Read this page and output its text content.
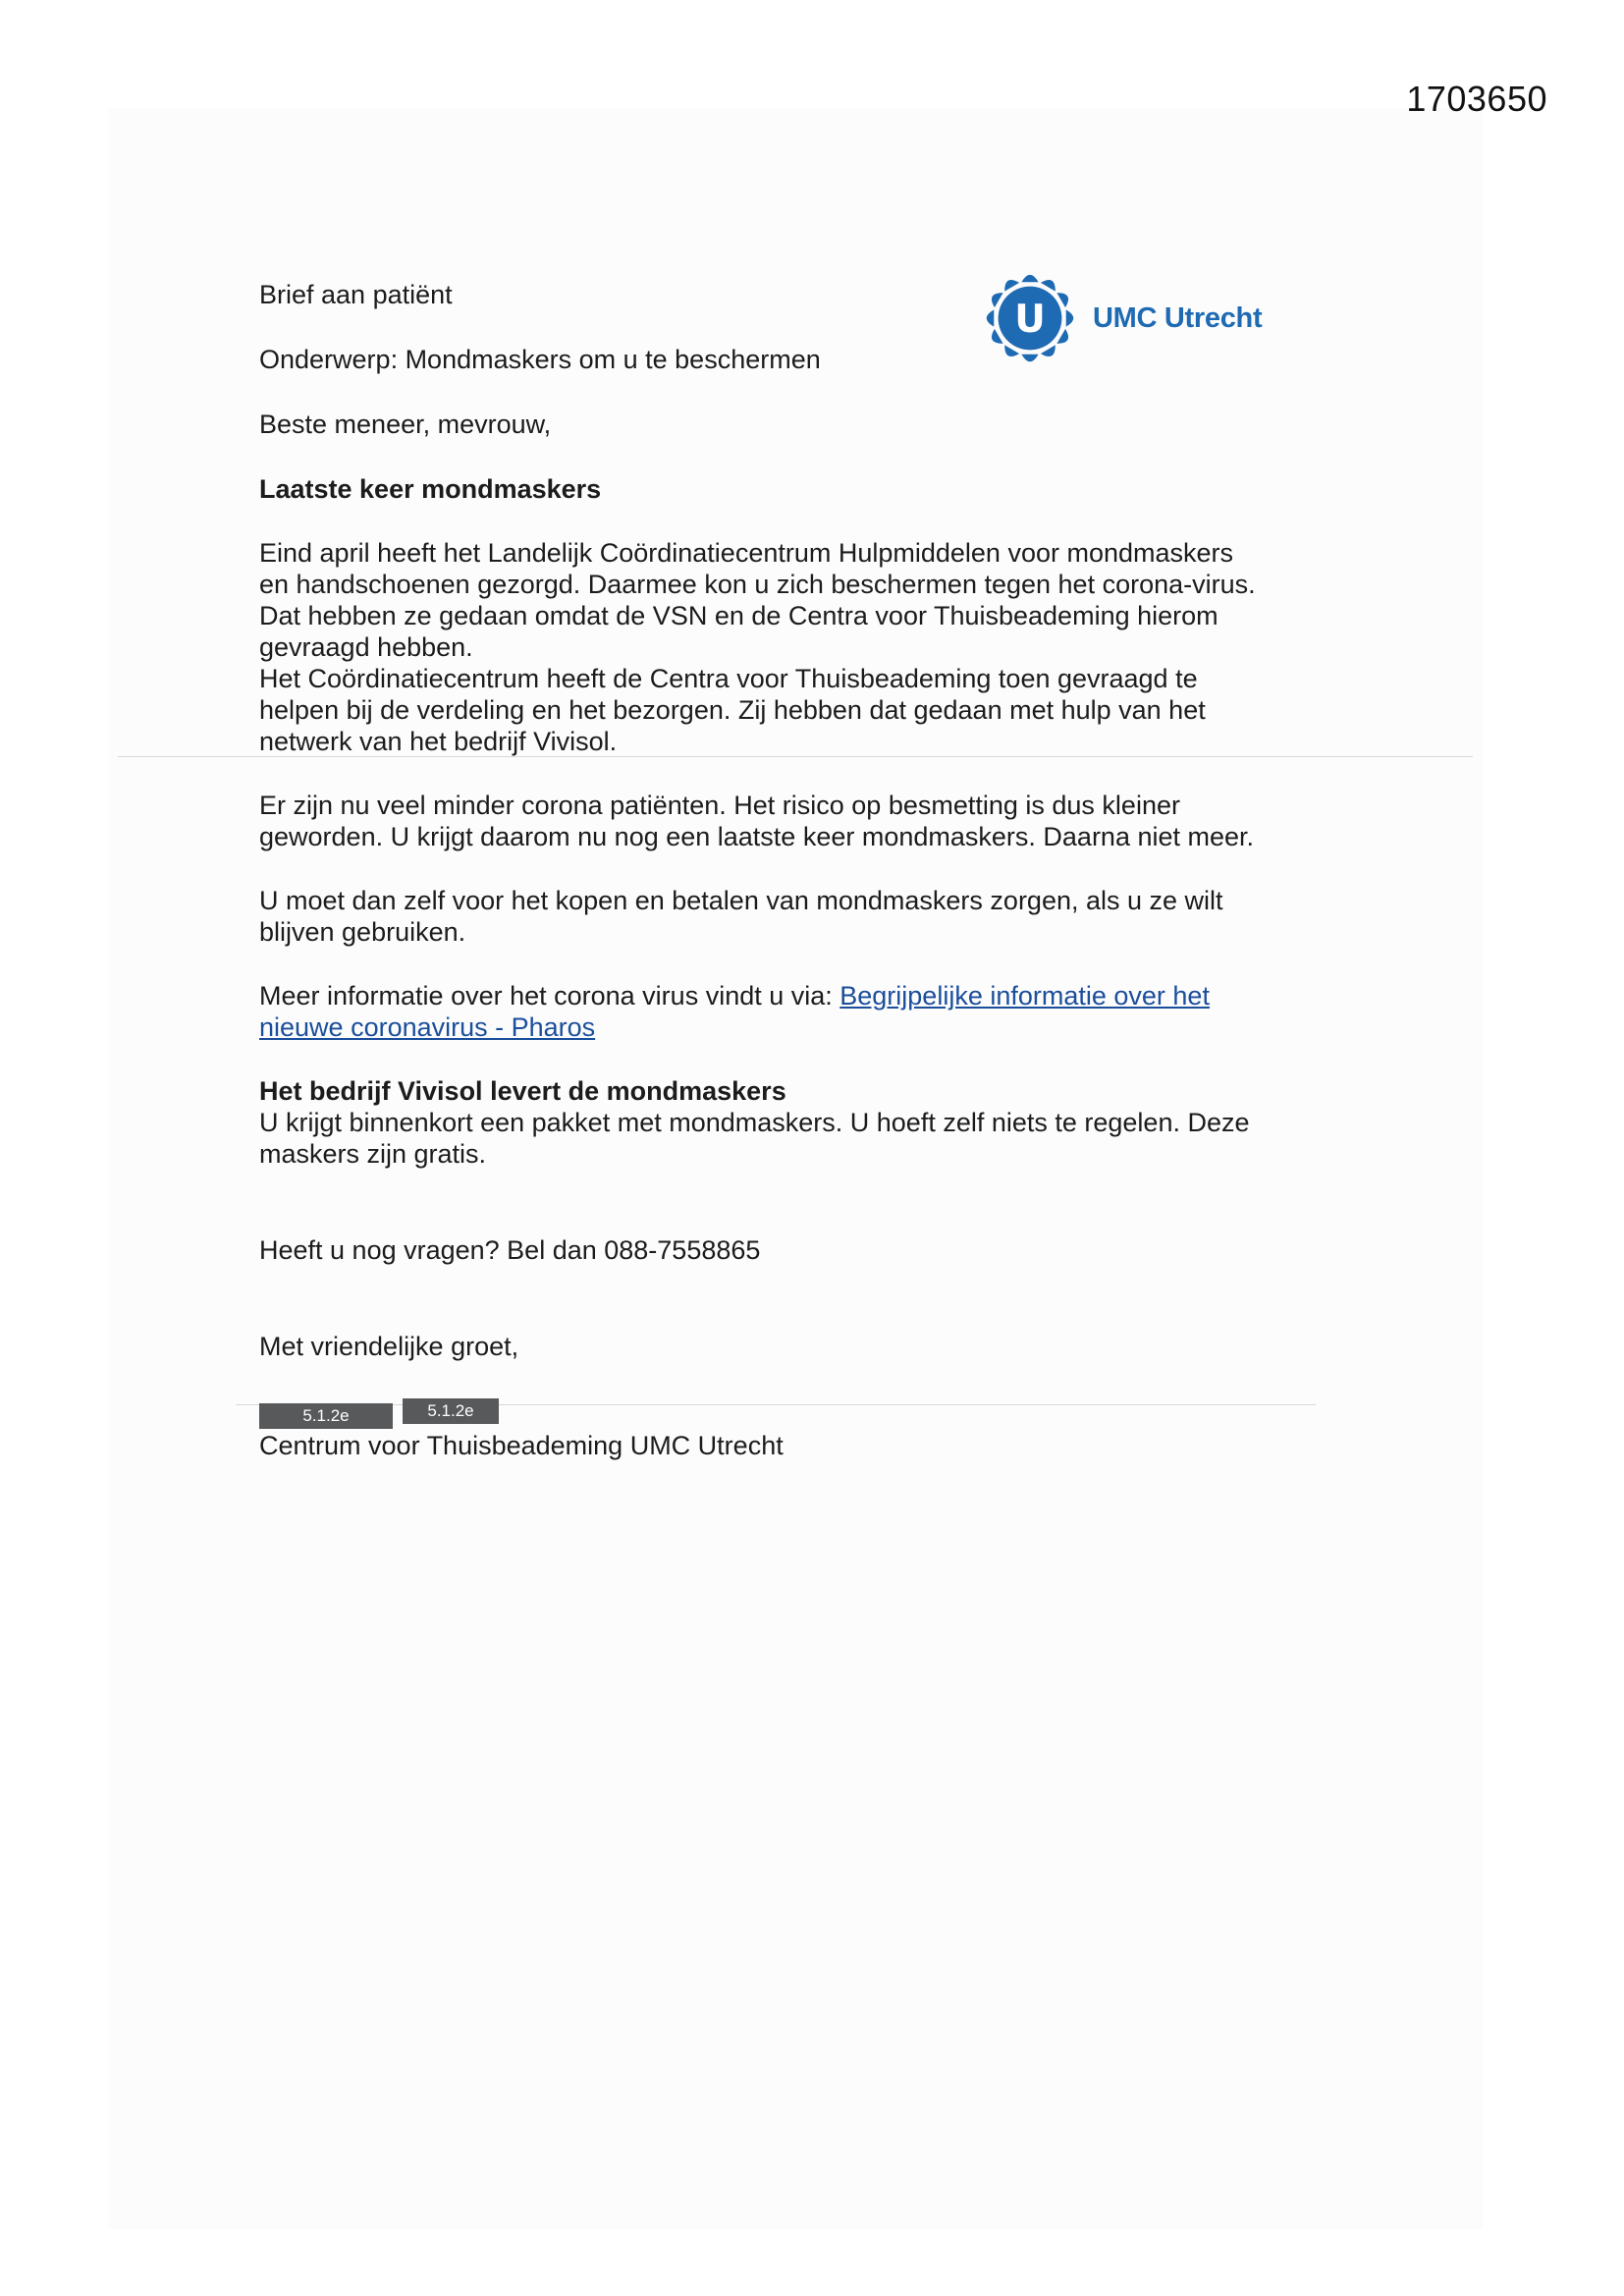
1703650
U UMC Utrecht

Brief aan patiënt

Onderwerp: Mondmaskers om u te beschermen

Beste meneer, mevrouw,

Laatste keer mondmaskers

Eind april heeft het Landelijk Coördinatiecentrum Hulpmiddelen voor mondmaskers
en handschoenen gezorgd. Daarmee kon u zich beschermen tegen het corona-virus.
Dat hebben ze gedaan omdat de VSN en de Centra voor Thuisbeademing hierom
gevraagd hebben.

Het Coördinatiecentrum heeft de Centra voor Thuisbeademing toen gevraagd te
helpen bij de verdeling en het bezorgen. Zij hebben dat gedaan met hulp van het
netwerk van het bedrijf Vivisol.

Er zijn nu veel minder corona patiënten. Het risico op besmetting is dus kleiner
geworden. U krijgt daarom nu nog een laatste keer mondmaskers. Daarna niet meer.

U moet dan zelf voor het kopen en betalen van mondmaskers zorgen, als u ze wilt
blijven gebruiken.

Meer informatie over het corona virus vindt u via: Begrijpelijke informatie over het
nieuwe coronavirus - Pharos

Het bedrijf Vivisol levert de mondmaskers

U krijgt binnenkort een pakket met mondmaskers. U hoeft zelf niets te regelen. Deze
maskers zijn gratis.

Heeft u nog vragen? Bel dan 088-7558865

Met vriendelijke groet,

5.1.2e	5.1.2e

Centrum voor Thuisbeademing UMC Utrecht
